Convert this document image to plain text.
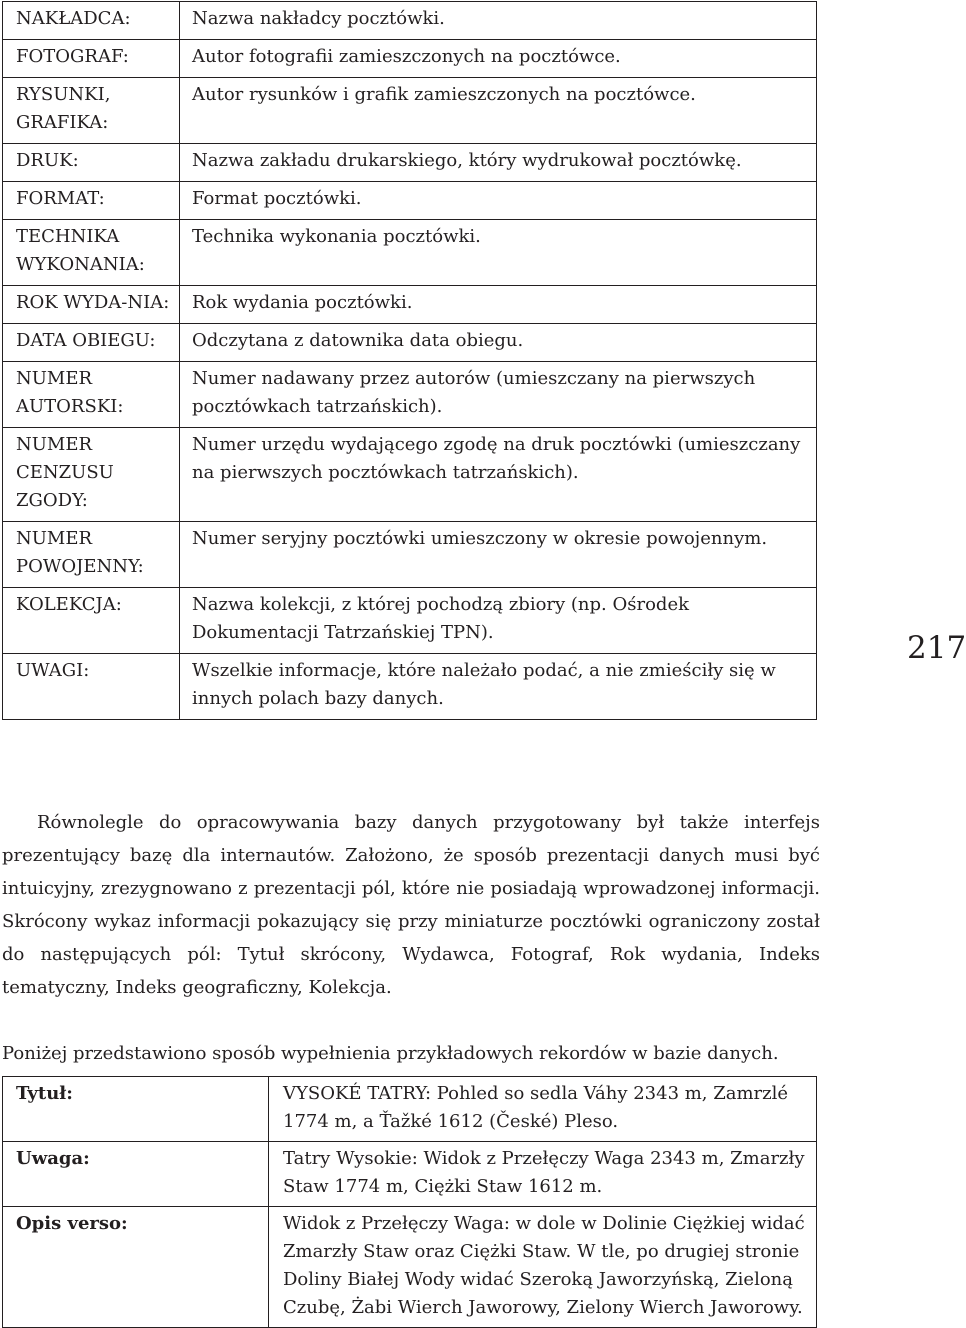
NAKŁADCA:	Nazwa nakładcy pocztówki.
FOTOGRAF:	Autor fotografii zamieszczonych na pocztówce.
RYSUNKI, GRAFIKA:	Autor rysunków i grafik zamieszczonych na pocztówce.
DRUK:	Nazwa zakładu drukarskiego, który wydrukował pocztówkę.
FORMAT:	Format pocztówki.
TECHNIKA WYKONANIA:	Technika wykonania pocztówki.
ROK WYDA-NIA:	Rok wydania pocztówki.
DATA OBIEGU:	Odczytana z datownika data obiegu.
NUMER AUTORSKI:	Numer nadawany przez autorów (umieszczany na pierwszych pocztówkach tatrzańskich).
NUMER CENZUSU ZGODY:	Numer urzędu wydającego zgodę na druk pocztówki (umieszczany na pierwszych pocztówkach tatrzańskich).
NUMER POWOJENNY:	Numer seryjny pocztówki umieszczony w okresie powojennym.
KOLEKCJA:	Nazwa kolekcji, z której pochodzą zbiory (np. Ośrodek Dokumentacji Tatrzańskiej TPN).
UWAGI:	Wszelkie informacje, które należało podać, a nie zmieściły się w innych polach bazy danych.
217

Równolegle do opracowywania bazy danych przygotowany był także interfejs prezentujący bazę dla internautów. Założono, że sposób prezentacji danych musi być intuicyjny, zrezygnowano z prezentacji pól, które nie posiadają wprowadzonej informacji. Skrócony wykaz informacji pokazujący się przy miniaturze pocztówki ograniczony został do następujących pól: Tytuł skrócony, Wydawca, Fotograf, Rok wydania, Indeks tematyczny, Indeks geograficzny, Kolekcja.

Poniżej przedstawiono sposób wypełnienia przykładowych rekordów w bazie danych.

Tytuł:	VYSOKÉ TATRY: Pohled so sedla Váhy 2343 m, Zamrzlé 1774 m, a Ťažké 1612 (České) Pleso.
Uwaga:	Tatry Wysokie: Widok z Przełęczy Waga 2343 m, Zmarzły Staw 1774 m, Ciężki Staw 1612 m.
Opis verso:	Widok z Przełęczy Waga: w dole w Dolinie Ciężkiej widać Zmarzły Staw oraz Ciężki Staw. W tle, po drugiej stronie Doliny Białej Wody widać Szeroką Jaworzyńską, Zieloną Czubę, Żabi Wierch Jaworowy, Zielony Wierch Jaworowy.
